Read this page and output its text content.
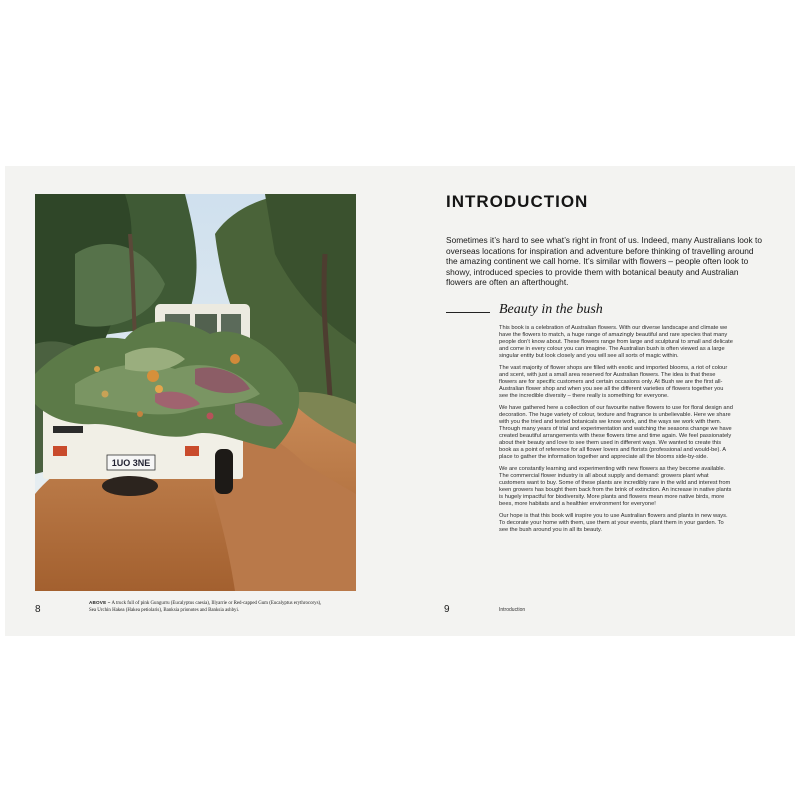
1UO 3NE
8
ABOVE – A truck full of pink Gungurru (Eucalyptus caesia), Illyarrie or Red-capped Gum (Eucalyptus erythrocorys), Sea Urchin Hakea (Hakea petiolaris), Banksia prionotes and Banksia ashbyi.
INTRODUCTION
Sometimes it’s hard to see what’s right in front of us. Indeed, many Australians look to overseas locations for inspiration and adventure before thinking of travelling around the amazing continent we call home. It’s similar with flowers – people often look to showy, introduced species to provide them with botanical beauty and Australian flowers are often an afterthought.
Beauty in the bush

This book is a celebration of Australian flowers. With our diverse landscape and climate we have the flowers to match, a huge range of amazingly beautiful and rare species that many people don’t know about. These flowers range from large and sculptural to small and delicate and come in every colour you can imagine. The Australian bush is often viewed as a large singular entity but look closely and you will see all sorts of magic within.

The vast majority of flower shops are filled with exotic and imported blooms, a riot of colour and scent, with just a small area reserved for Australian flowers. The idea is that these flowers are for specific customers and certain occasions only. At Bush we are the first all-Australian flower shop and when you see all the different varieties of flowers together you see the incredible diversity – there really is something for everyone.

We have gathered here a collection of our favourite native flowers to use for floral design and decoration. The huge variety of colour, texture and fragrance is unbelievable. Here we share with you the tried and tested botanicals we know work, and the ways we work with them. Through many years of trial and experimentation and watching the seasons change we have created beautiful arrangements with these flowers time and time again. We feel passionately about their beauty and love to see them used in different ways. We wanted to create this book as a point of reference for all flower lovers and florists (professional and would-be). A place to gather the information together and appreciate all the blooms side-by-side.

We are constantly learning and experimenting with new flowers as they become available. The commercial flower industry is all about supply and demand: growers plant what customers want to buy. Some of these plants are incredibly rare in the wild and interest from keen growers has bought them back from the brink of extinction. An increase in native plants is hugely impactful for biodiversity. More plants and flowers mean more native birds, more bees, more habitats and a healthier environment for everyone!

Our hope is that this book will inspire you to use Australian flowers and plants in new ways. To decorate your home with them, use them at your events, plant them in your garden. To see the bush around you in all its beauty.

9	Introduction
